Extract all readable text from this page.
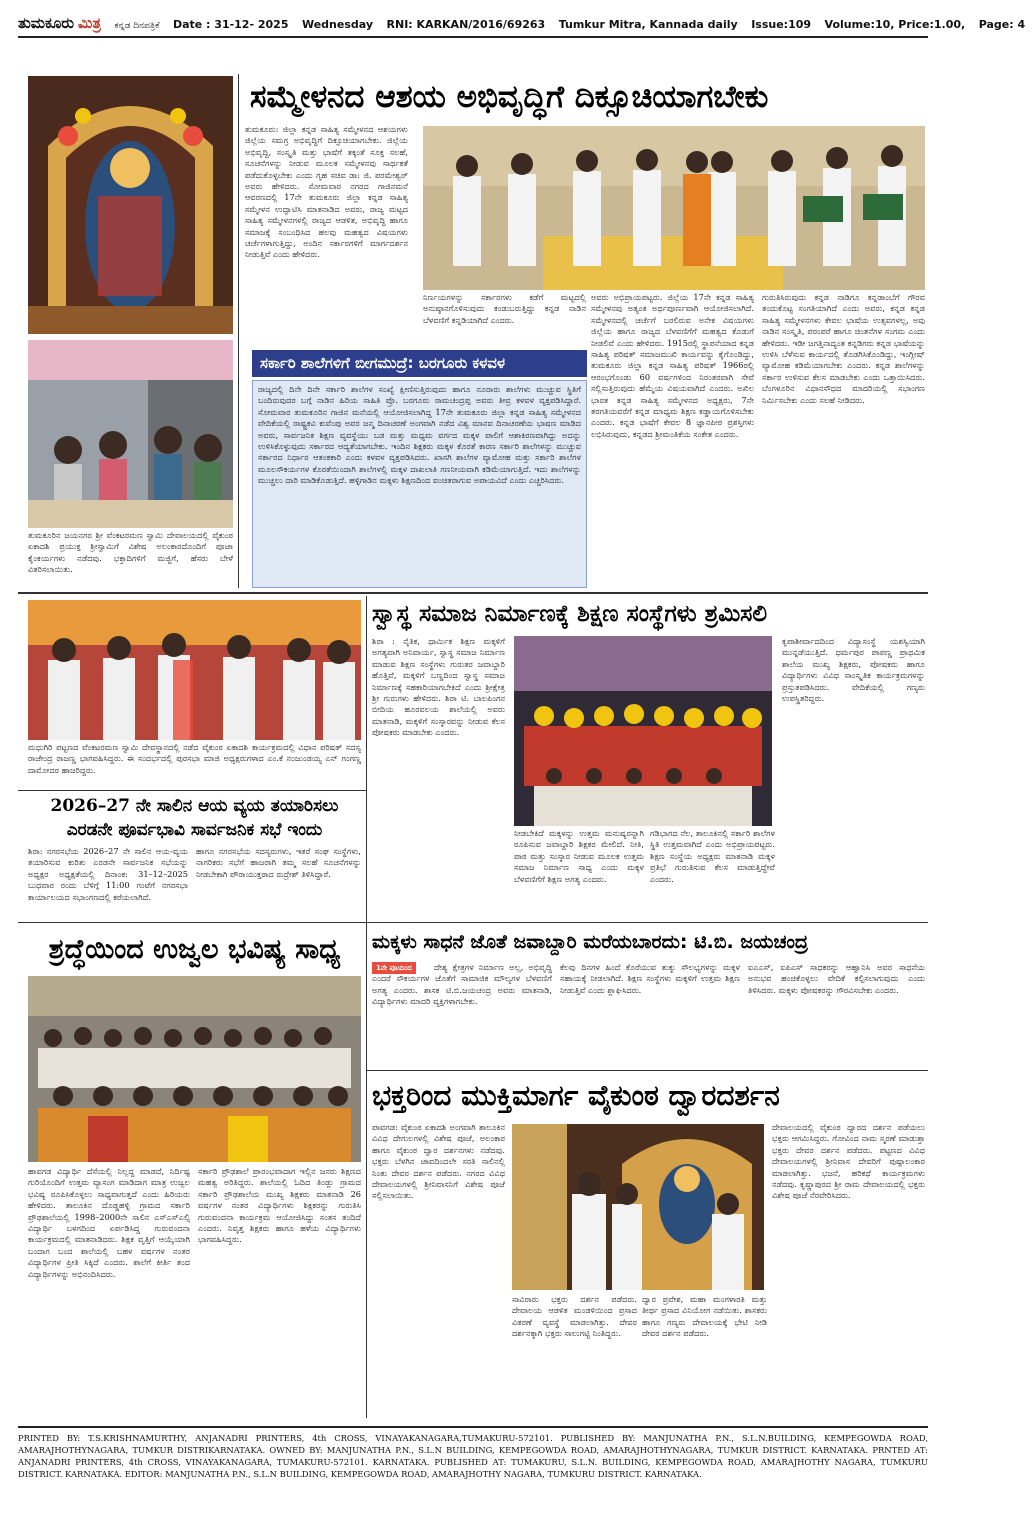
ತುಮಕೂರು ಮಿತ್ರ ಕನ್ನಡ ದಿನಪತ್ರಿಕೆ Date : 31-12- 2025 Wednesday RNI: KARKAN/2016/69263 Tumkur Mitra, Kannada daily Issue:109 Volume:10, Price:1.00, Page: 4
ತುಮಕೂರಿನ ಜಯನಗರ ಶ್ರೀ ವೆಂಕಟರಮಣ ಸ್ವಾಮಿ ದೇವಾಲಯದಲ್ಲಿ ವೈಕುಂಠ ಏಕಾದಶಿ ಪ್ರಯುಕ್ತ ಶ್ರೀಸ್ವಾಮಿಗೆ ವಿಶೇಷ ಅಲಂಕಾರದೊಂದಿಗೆ ಪೂಜಾ ಕೈಂಕರ್ಯಗಳು ನಡೆದವು. ಭಕ್ತಾದಿಗಳಿಗೆ ಮಜ್ಜಿಗೆ, ಹೆಸರು ಬೇಳೆ ವಿತರಿಸಲಾಯಿತು.
ಸಮ್ಮೇಳನದ ಆಶಯ ಅಭಿವೃದ್ಧಿಗೆ ದಿಕ್ಸೂಚಿಯಾಗಬೇಕು
ತುಮಕೂರು: ಜಿಲ್ಲಾ ಕನ್ನಡ ಸಾಹಿತ್ಯ ಸಮ್ಮೇಳನದ ಆಶಯಗಳು ಜಿಲ್ಲೆಯ ಸಮಗ್ರ ಅಭಿವೃದ್ಧಿಗೆ ದಿಕ್ಸೂಚಿಯಾಗಬೇಕು. ಜಿಲ್ಲೆಯ ಅಭಿವೃದ್ಧಿ, ಸಂಸ್ಕೃತಿ ಮತ್ತು ಭಾಷೆಗೆ ತಕ್ಕಂತೆ ಸೂಕ್ತ ಸಲಹೆ, ಸೂಚನೆಗಳನ್ನು ನೀಡುವ ಮೂಲಕ ಸಮ್ಮೇಳನವು ಸಾರ್ಥಕತೆ ಪಡೆದುಕೊಳ್ಳಬೇಕು ಎಂದು ಗೃಹ ಸಚಿವ ಡಾ: ಜಿ. ಪರಮೇಶ್ವರ್ ಅವರು ಹೇಳಿದರು. ಸೋಮವಾರ ನಗರದ ಗಾಜಿನಮನೆ ಆವರಣದಲ್ಲಿ 17ನೇ ತುಮಕೂರು ಜಿಲ್ಲಾ ಕನ್ನಡ ಸಾಹಿತ್ಯ ಸಮ್ಮೇಳನ ಉದ್ಘಾಟಿಸಿ ಮಾತನಾಡಿದ ಅವರು, ರಾಜ್ಯ ಮಟ್ಟದ ಸಾಹಿತ್ಯ ಸಮ್ಮೇಳನಗಳಲ್ಲಿ ರಾಜ್ಯದ ಆಡಳಿತ, ಅಭಿವೃದ್ಧಿ ಹಾಗೂ ಸಮಾಜಕ್ಕೆ ಸಂಬಂಧಿಸಿದ ಹಲವು ಮಹತ್ವದ ವಿಷಯಗಳು ಚರ್ಚೆಗಳಾಗುತ್ತಿದ್ದು, ಅಂದಿನ ಸರ್ಕಾರಗಳಿಗೆ ಮಾರ್ಗದರ್ಶನ ನೀಡುತ್ತಿವೆ ಎಂದು ಹೇಳಿದರು.
ನಿರ್ಣಯಗಳನ್ನು ಸರ್ಕಾರಗಳು ಕಡೆಗೆ ಮಟ್ಟದಲ್ಲಿ ಅನುಷ್ಠಾನಗೊಳಿಸುವುದು ಕಂಡುಬರುತ್ತಿದ್ದು ಕನ್ನಡ ನಾಡಿನ ಬೆಳವಣಿಗೆ ಕನ್ನಡಿಯಾಗಿದೆ ಎಂದರು.
ಅವರು ಅಭಿಪ್ರಾಯಪಟ್ಟರು. ಜಿಲ್ಲೆಯ 17ನೇ ಕನ್ನಡ ಸಾಹಿತ್ಯ ಸಮ್ಮೇಳನವು ಅತ್ಯಂತ ಅರ್ಥಪೂರ್ಣವಾಗಿ ಆಯೋಜಿಸಲಾಗಿದೆ. ಸಮ್ಮೇಳನದಲ್ಲಿ ಚರ್ಚೆಗೆ ಬರಲಿರುವ ಅನೇಕ ವಿಷಯಗಳು ಜಿಲ್ಲೆಯ ಹಾಗೂ ರಾಜ್ಯದ ಬೆಳವಣಿಗೆಗೆ ಮಹತ್ವದ ಕೊಡುಗೆ ನೀಡಲಿವೆ ಎಂದು ಹೇಳಿದರು. 1915ರಲ್ಲಿ ಸ್ಥಾಪನೆಯಾದ ಕನ್ನಡ ಸಾಹಿತ್ಯ ಪರಿಷತ್ ಸಮಾಜಮುಖಿ ಕಾರ್ಯವನ್ನು ಕೈಗೊಂಡಿದ್ದು, ತುಮಕೂರು ಜಿಲ್ಲಾ ಕನ್ನಡ ಸಾಹಿತ್ಯ ಪರಿಷತ್ 1966ರಲ್ಲಿ ಆರಂಭಗೊಂಡು 60 ವರ್ಷಗಳಿಂದ ನಿರಂತರವಾಗಿ ಸೇವೆ ಸಲ್ಲಿಸುತ್ತಿರುವುದು ಹೆಮ್ಮೆಯ ವಿಷಯವಾಗಿದೆ ಎಂದರು. ಅಖಿಲ ಭಾರತ ಕನ್ನಡ ಸಾಹಿತ್ಯ ಸಮ್ಮೇಳನದ ಅಧ್ಯಕ್ಷರು, 7ನೇ ತರಗತಿಯವರೆಗೆ ಕನ್ನಡ ಮಾಧ್ಯಮ ಶಿಕ್ಷಣ ಕಡ್ಡಾಯಗೊಳಿಸಬೇಕು ಎಂದರು. ಕನ್ನಡ ಭಾಷೆಗೆ ಕೇವಲ 8 ಜ್ಞಾನಪೀಠ ಪ್ರಶಸ್ತಿಗಳು ಲಭಿಸಿರುವುದು, ಕನ್ನಡದ ಶ್ರೀಮಂತಿಕೆಯ ಸಂಕೇತ ಎಂದರು.
ಗುರುತಿಸಿರುವುದು ಕನ್ನಡ ನಾಡಿಗೂ ಕನ್ನಡಾಂಬೆಗೆ ಗೌರವ ತಂದುಕೊಟ್ಟ ಸಂಗತಿಯಾಗಿದೆ ಎಂದು ಅವರು, ಕನ್ನಡ ಕನ್ನಡ ಸಾಹಿತ್ಯ ಸಮ್ಮೇಳನಗಳು ಕೇವಲ ಭಾಷೆಯ ಉತ್ಸವಗಳಲ್ಲ, ಅವು ನಾಡಿನ ಸಂಸ್ಕೃತಿ, ಪರಂಪರೆ ಹಾಗೂ ಚಿಂತನೆಗಳ ಸಂಗಮ ಎಂದು ಹೇಳಿದರು. ಇಡೀ ಜಗತ್ತಿನಾದ್ಯಂತ ಕನ್ನಡಿಗರು ಕನ್ನಡ ಭಾಷೆಯನ್ನು ಉಳಿಸಿ ಬೆಳೆಸುವ ಕಾರ್ಯದಲ್ಲಿ ತೊಡಗಿಸಿಕೊಂಡಿದ್ದು, ಇಂಗ್ಲೀಷ್ ವ್ಯಾಮೋಹ ಕಡಿಮೆಯಾಗಬೇಕು ಎಂದರು. ಕನ್ನಡ ಶಾಲೆಗಳನ್ನು ಸರ್ಕಾರ ಉಳಿಸುವ ಕೆಲಸ ಮಾಡಬೇಕು ಎಂದು ಒತ್ತಾಯಿಸಿದರು. ಬೆಂಗಳೂರಿನ ವಿಧಾನಸೌಧದ ಮಾದರಿಯಲ್ಲಿ ಸಭಾಂಗಣ ನಿರ್ಮಿಸಬೇಕು ಎಂದು ಸಲಹೆ ನೀಡಿದರು.
ಸರ್ಕಾರಿ ಶಾಲೆಗಳಿಗೆ ಬೀಗಮುದ್ರೆ: ಬರಗೂರು ಕಳವಳ
ರಾಜ್ಯದಲ್ಲಿ ದಿನೇ ದಿನೇ ಸರ್ಕಾರಿ ಶಾಲೆಗಳ ಸಂಖ್ಯೆ ಕ್ಷೀಣಿಸುತ್ತಿರುವುದು ಹಾಗೂ ನೂರಾರು ಶಾಲೆಗಳು ಮುಚ್ಚುವ ಸ್ಥಿತಿಗೆ ಬಂದಿರುವುದರ ಬಗ್ಗೆ ನಾಡಿನ ಹಿರಿಯ ಸಾಹಿತಿ ಪ್ರೊ. ಬರಗೂರು ರಾಮಚಂದ್ರಪ್ಪ ಅವರು ತೀವ್ರ ಕಳವಳ ವ್ಯಕ್ತಪಡಿಸಿದ್ದಾರೆ. ಸೋಮವಾರ ತುಮಕೂರಿನ ಗಾಜಿನ ಮನೆಯಲ್ಲಿ ಆಯೋಜಿಸಲಾಗಿದ್ದ 17ನೇ ತುಮಕೂರು ಜಿಲ್ಲಾ ಕನ್ನಡ ಸಾಹಿತ್ಯ ಸಮ್ಮೇಳನದ ವೇದಿಕೆಯಲ್ಲಿ ರಾಷ್ಟ್ರಕವಿ ಕುವೆಂಪು ಅವರ ಜನ್ಮ ದಿನಾಚರಣೆ ಅಂಗವಾಗಿ ನಡೆದ ವಿಶ್ವ ಮಾನವ ದಿನಾಚರಣೆಯ ಭಾಷಣ ಮಾಡಿದ ಅವರು, ಸಾರ್ವಜನಿಕ ಶಿಕ್ಷಣ ವ್ಯವಸ್ಥೆಯು ಬಡ ಮತ್ತು ಮಧ್ಯಮ ವರ್ಗದ ಮಕ್ಕಳ ಪಾಲಿಗೆ ಆಶಾಕಿರಣವಾಗಿದ್ದು ಅದನ್ನು ಉಳಿಸಿಕೊಳ್ಳುವುದು ಸರ್ಕಾರದ ಆದ್ಯತೆಯಾಗಬೇಕು. ಇಂದಿನ ಶಿಕ್ಷಕರು ಮಕ್ಕಳ ಕೊರತೆ ಕಾರಣ ಸರ್ಕಾರಿ ಶಾಲೆಗಳನ್ನು ಮುಚ್ಚುವ ಸರ್ಕಾರದ ನಿರ್ಧಾರ ಆತಂಕಕಾರಿ ಎಂದು ಕಳವಳ ವ್ಯಕ್ತಪಡಿಸಿದರು. ಖಾಸಗಿ ಶಾಲೆಗಳ ವ್ಯಾಮೋಹ ಮತ್ತು ಸರ್ಕಾರಿ ಶಾಲೆಗಳ ಮೂಲಸೌಕರ್ಯಗಳ ಕೊರತೆಯಿಂದಾಗಿ ಶಾಲೆಗಳಲ್ಲಿ ಮಕ್ಕಳ ದಾಖಲಾತಿ ಗಣನೀಯವಾಗಿ ಕಡಿಮೆಯಾಗುತ್ತಿದೆ. ಇದು ಶಾಲೆಗಳನ್ನು ಮುಚ್ಚಲು ದಾರಿ ಮಾಡಿಕೊಡುತ್ತಿದೆ. ಹಳ್ಳಿಗಾಡಿನ ಮಕ್ಕಳು ಶಿಕ್ಷಣದಿಂದ ವಂಚಿತರಾಗುವ ಅಪಾಯವಿದೆ ಎಂದು ಎಚ್ಚರಿಸಿದರು.
ಮಧುಗಿರಿ ಪಟ್ಟಣದ ವೆಂಕಟರಮಣ ಸ್ವಾಮಿ ದೇವಸ್ಥಾನದಲ್ಲಿ ನಡೆದ ವೈಕುಂಠ ಏಕಾದಶಿ ಕಾರ್ಯಕ್ರಮದಲ್ಲಿ ವಿಧಾನ ಪರಿಷತ್ ಸದಸ್ಯ ರಾಜೇಂದ್ರ ರಾಜಣ್ಣ ಭಾಗವಹಿಸಿದ್ದರು. ಈ ಸಂದರ್ಭದಲ್ಲಿ ಪುರಸಭಾ ಮಾಜಿ ಅಧ್ಯಕ್ಷರುಗಳಾದ ಎಂ.ಕೆ ನಂಜುಂಡಯ್ಯ ಎನ್ ಗಂಗಣ್ಣ ದಾಮೋದರ ಹಾಜರಿದ್ದರು.
ಸ್ವಾಸ್ಥ ಸಮಾಜ ನಿರ್ಮಾಣಕ್ಕೆ ಶಿಕ್ಷಣ ಸಂಸ್ಥೆಗಳು ಶ್ರಮಿಸಲಿ
ಶಿರಾ : ನೈತಿಕ, ಧಾರ್ಮಿಕ ಶಿಕ್ಷಣ ಮಕ್ಕಳಿಗೆ ಅಗತ್ಯವಾಗಿ ಅನಿವಾರ್ಯ, ಸ್ವಾಸ್ಥ ಸಮಾಜ ನಿರ್ಮಾಣ ಮಾಡುವ ಶಿಕ್ಷಣ ಸಂಸ್ಥೆಗಳು ಗುರುತರ ಜವಾಬ್ದಾರಿ ಹೊತ್ತಿವೆ, ಮಕ್ಕಳಿಗೆ ಬಣ್ಣದಿಂದ ಸ್ವಾಸ್ಥ ಸಮಾಜ ನಿರ್ಮಾಣಕ್ಕೆ ಸಹಕಾರಿಯಾಗಬೇಕಿದೆ ಎಂದು ಶ್ರೀಕ್ಷೇತ್ರ ಶ್ರೀ ಗುರುಗಳು ಹೇಳಿದರು. ಶಿರಾ ಟಿ. ಬಾಲಪಿಂಗನ ಬೀದಿಯ ಹೂರವಲಯ ಶಾಲೆಯಲ್ಲಿ ಅವರು ಮಾತನಾಡಿ, ಮಕ್ಕಳಿಗೆ ಸಂಸ್ಕಾರವನ್ನು ನೀಡುವ ಕೆಲಸ ಪೋಷಕರು ಮಾಡಬೇಕು ಎಂದರು.
ನೀಡಬೇಕಿದೆ ಮಕ್ಕಳನ್ನು ಉತ್ತಮ ಮನುಷ್ಯರನ್ನಾಗಿ ರೂಪಿಸುವ ಜವಾಬ್ದಾರಿ ಶಿಕ್ಷಕರ ಮೇಲಿದೆ. ನೀತಿ, ಪಾಠ ಮತ್ತು ಸಂಸ್ಕಾರ ನೀಡುವ ಮೂಲಕ ಉತ್ತಮ ಸಮಾಜ ನಿರ್ಮಾಣ ಸಾಧ್ಯ ಎಂದು ಮಕ್ಕಳ ಬೆಳವಣಿಗೆಗೆ ಶಿಕ್ಷಣ ಅಗತ್ಯ ಎಂದರು.
ಗಡಿಭಾಗದ ನೆಲ, ತಾಲೂಕಿನಲ್ಲಿ ಸರ್ಕಾರಿ ಶಾಲೆಗಳ ಸ್ಥಿತಿ ಉತ್ತಮವಾಗಿದೆ ಎಂದು ಅಭಿಪ್ರಾಯಪಟ್ಟರು. ಶಿಕ್ಷಣ ಸಂಸ್ಥೆಯ ಅಧ್ಯಕ್ಷರು ಮಾತನಾಡಿ ಮಕ್ಕಳ ಪ್ರತಿಭೆ ಗುರುತಿಸುವ ಕೆಲಸ ಮಾಡುತ್ತಿದ್ದೇವೆ ಎಂದರು.
ಕೃಪಾಶೀರ್ವಾದದಿಂದ ವಿದ್ಯಾಸಂಸ್ಥೆ ಯಶಸ್ವಿಯಾಗಿ ಮುನ್ನಡೆಯುತ್ತಿದೆ. ಧರ್ಮಪುರ ಪಾಪಣ್ಣ ಪ್ರಾಥಮಿಕ ಶಾಲೆಯ ಮುಖ್ಯ ಶಿಕ್ಷಕರು, ಪೋಷಕರು ಹಾಗೂ ವಿದ್ಯಾರ್ಥಿಗಳು ವಿವಿಧ ಸಾಂಸ್ಕೃತಿಕ ಕಾರ್ಯಕ್ರಮಗಳನ್ನು ಪ್ರಸ್ತುತಪಡಿಸಿದರು. ವೇದಿಕೆಯಲ್ಲಿ ಗಣ್ಯರು ಉಪಸ್ಥಿತರಿದ್ದರು.
2026–27 ನೇ ಸಾಲಿನ ಆಯ ವ್ಯಯ ತಯಾರಿಸಲು
ಎರಡನೇ ಪೂರ್ವಭಾವಿ ಸಾರ್ವಜನಿಕ ಸಭೆ ಇಂದು
ಶಿರಾ: ನಗರಸಭೆಯ 2026–27 ನೇ ಸಾಲಿನ ಆಯ-ವ್ಯಯ ತಯಾರಿಸುವ ಕುರಿತು ಎರಡನೇ ಸಾರ್ವಜನಿಕ ಸಭೆಯನ್ನು ಅಧ್ಯಕ್ಷರ ಅಧ್ಯಕ್ಷತೆಯಲ್ಲಿ ದಿನಾಂಕ: 31–12–2025 ಬುಧವಾರ ರಂದು ಬೆಳಿಗ್ಗೆ 11:00 ಗಂಟೆಗೆ ನಗರಸಭಾ ಕಾರ್ಯಾಲಯದ ಸಭಾಂಗಣದಲ್ಲಿ ಕರೆಯಲಾಗಿದೆ.
ಹಾಗೂ ನಗರಸಭೆಯ ಸದಸ್ಯರುಗಳು, ಇತರೆ ಸಂಘ ಸಂಸ್ಥೆಗಳು, ನಾಗರಿಕರು ಸಭೆಗೆ ಹಾಜರಾಗಿ ತಮ್ಮ ಸಲಹೆ ಸೂಚನೆಗಳನ್ನು ನೀಡಬೇಕಾಗಿ ಪೌರಾಯುಕ್ತರಾದ ರುದ್ರೇಶ್ ತಿಳಿಸಿದ್ದಾರೆ.
ಮಕ್ಕಳು ಸಾಧನೆ ಜೊತೆ ಜವಾಬ್ದಾರಿ ಮರೆಯಬಾರದು: ಟಿ.ಬಿ. ಜಯಚಂದ್ರ
1ನೇ ಪುಟದಿಂದ	ದೇಶ್ಯ ಕ್ಷೇತ್ರಗಳ ನಿರ್ಮಾಣ ಅಲ್ಲ, ಅಭಿವೃದ್ಧಿ ಎಂದರೆ ಸೌಕರ್ಯಗಳ ಜೊತೆಗೆ ಸಾಮಾಜಿಕ ಮೌಲ್ಯಗಳ ಬೆಳವಣಿಗೆ ಅಗತ್ಯ ಎಂದರು. ಶಾಸಕ ಟಿ.ಬಿ.ಜಯಚಂದ್ರ ಅವರು ಮಾತನಾಡಿ, ವಿದ್ಯಾರ್ಥಿಗಳು ಮಾದರಿ ವ್ಯಕ್ತಿಗಳಾಗಬೇಕು.
ಕೆಲವು ದಿನಗಳ ಹಿಂದೆ ಕೊರೆಯುವ ತುಕ್ಕು ಸೌಲಭ್ಯಗಳನ್ನು ಮಕ್ಕಳ ಸಹಾಯಕ್ಕೆ ನೀಡಲಾಗಿದೆ. ಶಿಕ್ಷಣ ಸಂಸ್ಥೆಗಳು ಮಕ್ಕಳಿಗೆ ಉತ್ತಮ ಶಿಕ್ಷಣ ನೀಡುತ್ತಿವೆ ಎಂದು ಶ್ಲಾಘಿಸಿದರು.
ಐಎಎಸ್, ಐಪಿಎಸ್ ಸಾಧಕರನ್ನು ಆಹ್ವಾನಿಸಿ ಅವರ ಸಾಧನೆಯ ಅನುಭವ ಹಂಚಿಕೊಳ್ಳಲು ವೇದಿಕೆ ಕಲ್ಪಿಸಲಾಗುವುದು ಎಂದು ತಿಳಿಸಿದರು. ಮಕ್ಕಳು ಪೋಷಕರನ್ನು ಗೌರವಿಸಬೇಕು ಎಂದರು.
ಶ್ರದ್ಧೆಯಿಂದ ಉಜ್ವಲ ಭವಿಷ್ಯ ಸಾಧ್ಯ
ಹಾವಗಡ ವಿದ್ಯಾರ್ಥಿ ದೆಸೆಯಲ್ಲಿ ನಿಲ್ಲದ್ದ ಮಾಡದೆ, ನಿರ್ದಿಷ್ಟ ಗುರಿಯೊಂದಿಗೆ ಉತ್ತಮ ವ್ಯಾಸಂಗ ಮಾಡಿದಾಗ ಮಾತ್ರ ಉಜ್ವಲ ಭವಿಷ್ಯ ರೂಪಿಸಿಕೊಳ್ಳಲು ಸಾಧ್ಯವಾಗುತ್ತದೆ ಎಂದು ಹಿರಿಯರು ಹೇಳಿದರು. ತಾಲೂಕಿನ ದೊಡ್ಡಹಳ್ಳಿ ಗ್ರಾಮದ ಸರ್ಕಾರಿ ಪ್ರೌಢಶಾಲೆಯಲ್ಲಿ 1998–2000ನೇ ಸಾಲಿನ ಎಸ್ಎಸ್ಎಲ್ಸಿ ವಿದ್ಯಾರ್ಥಿ ಬಳಗದಿಂದ ಏರ್ಪಡಿಸಿದ್ದ ಗುರುವಂದನಾ ಕಾರ್ಯಕ್ರಮದಲ್ಲಿ ಮಾತನಾಡಿದರು. ಶಿಕ್ಷಕ ವೃತ್ತಿಗೆ ಆಯ್ಕೆಯಾಗಿ ಬಂದಾಗ ಬಂದ ಶಾಲೆಯಲ್ಲಿ ಬಹಳ ವರ್ಷಗಳ ನಂತರ ವಿದ್ಯಾರ್ಥಿಗಳ ಪ್ರೀತಿ ಸಿಕ್ಕಿದೆ ಎಂದರು. ಶಾಲೆಗೆ ಕೀರ್ತಿ ತಂದ ವಿದ್ಯಾರ್ಥಿಗಳನ್ನು ಅಭಿನಂದಿಸಿದರು.
ಸರ್ಕಾರಿ ಪ್ರೌಢಶಾಲೆ ಪ್ರಾರಂಭವಾದಾಗ ಇಲ್ಲಿನ ಜನರು ಶಿಕ್ಷಣದ ಮಹತ್ವ ಅರಿತಿದ್ದರು. ಶಾಲೆಯಲ್ಲಿ ಓದಿದ ತಿಂಡ್ಲು ಗ್ರಾಮದ ಸರ್ಕಾರಿ ಪ್ರೌಢಶಾಲೆಯ ಮುಖ್ಯ ಶಿಕ್ಷಕರು ಮಾತನಾಡಿ 26 ವರ್ಷಗಳ ನಂತರ ವಿದ್ಯಾರ್ಥಿಗಳು ಶಿಕ್ಷಕರನ್ನು ಗುರುತಿಸಿ ಗುರುವಂದನಾ ಕಾರ್ಯಕ್ರಮ ಆಯೋಜಿಸಿದ್ದು ಸಂತಸ ತಂದಿದೆ ಎಂದರು. ನಿವೃತ್ತ ಶಿಕ್ಷಕರು ಹಾಗೂ ಹಳೆಯ ವಿದ್ಯಾರ್ಥಿಗಳು ಭಾಗವಹಿಸಿದ್ದರು.
ಭಕ್ತರಿಂದ ಮುಕ್ತಿಮಾರ್ಗ ವೈಕುಂಠ ದ್ವಾರದರ್ಶನ
ಪಾವಗಡ: ವೈಕುಂಠ ಏಕಾದಶಿ ಅಂಗವಾಗಿ ತಾಲೂಕಿನ ವಿವಿಧ ದೇಗುಲಗಳಲ್ಲಿ ವಿಶೇಷ ಪೂಜೆ, ಅಲಂಕಾರ ಹಾಗೂ ವೈಕುಂಠ ದ್ವಾರ ದರ್ಶನಗಳು ನಡೆದವು. ಭಕ್ತರು ಬೆಳಗಿನ ಜಾವದಿಂದಲೇ ಸರತಿ ಸಾಲಿನಲ್ಲಿ ನಿಂತು ದೇವರ ದರ್ಶನ ಪಡೆದರು. ನಗರದ ವಿವಿಧ ದೇವಾಲಯಗಳಲ್ಲಿ ಶ್ರೀನಿವಾಸನಿಗೆ ವಿಶೇಷ ಪೂಜೆ ಸಲ್ಲಿಸಲಾಯಿತು.
ಸಾವಿರಾರು ಭಕ್ತರು ದರ್ಶನ ಪಡೆದರು. ದೇವಾಲಯ ಆಡಳಿತ ಮಂಡಳಿಯಿಂದ ಪ್ರಸಾದ ವಿತರಣೆ ವ್ಯವಸ್ಥೆ ಮಾಡಲಾಗಿತ್ತು. ದೇವರ ದರ್ಶನಕ್ಕಾಗಿ ಭಕ್ತರು ಸಾಲುಗಟ್ಟಿ ನಿಂತಿದ್ದರು.
ದ್ವಾರ ಪ್ರವೇಶ, ಮಹಾ ಮಂಗಳಾರತಿ ಮತ್ತು ತೀರ್ಥ ಪ್ರಸಾದ ವಿನಿಯೋಗ ನಡೆಯಿತು. ಶಾಸಕರು ಹಾಗೂ ಗಣ್ಯರು ದೇವಾಲಯಕ್ಕೆ ಭೇಟಿ ನೀಡಿ ದೇವರ ದರ್ಶನ ಪಡೆದರು.
ದೇವಾಲಯದಲ್ಲಿ ವೈಕುಂಠ ದ್ವಾರದ ದರ್ಶನ ಪಡೆಯಲು ಭಕ್ತರು ಆಗಮಿಸಿದ್ದರು. ಗೋವಿಂದ ನಾಮ ಸ್ಮರಣೆ ಮಾಡುತ್ತಾ ಭಕ್ತರು ದೇವರ ದರ್ಶನ ಪಡೆದರು. ಪಟ್ಟಣದ ವಿವಿಧ ದೇವಾಲಯಗಳಲ್ಲಿ ಶ್ರೀನಿವಾಸ ದೇವರಿಗೆ ಪುಷ್ಪಾಲಂಕಾರ ಮಾಡಲಾಗಿತ್ತು. ಭಜನೆ, ಹರಿಕಥೆ ಕಾರ್ಯಕ್ರಮಗಳು ನಡೆದವು. ಕೃಷ್ಣಾಪುರದ ಶ್ರೀ ರಾಮ ದೇವಾಲಯದಲ್ಲಿ ಭಕ್ತರು ವಿಶೇಷ ಪೂಜೆ ನೆರವೇರಿಸಿದರು.
PRINTED BY: T.S.KRISHNAMURTHY, ANJANADRI PRINTERS, 4th CROSS, VINAYAKANAGARA,TUMAKURU-572101. PUBLISHED BY: MANJUNATHA P.N., S.L.N.BUILDING, KEMPEGOWDA ROAD, AMARAJHOTHYNAGARA, TUMKUR DISTRIKARNATAKA. OWNED BY: MANJUNATHA P.N., S.L.N BUILDING, KEMPEGOWDA ROAD, AMARAJHOTHYNAGARA, TUMKUR DISTRICT. KARNATAKA. PRNTED AT: ANJANADRI PRINTERS, 4th CROSS, VINAYAKANAGARA, TUMAKURU-572101. KARNATAKA. PUBLISHED AT: TUMAKURU, S.L.N. BUILDING, KEMPEGOWDA ROAD, AMARAJHOTHY NAGARA, TUMKURU DISTRICT. KARNATAKA. EDITOR: MANJUNATHA P.N., S.L.N BUILDING, KEMPEGOWDA ROAD, AMARAJHOTHY NAGARA, TUMKURU DISTRICT. KARNATAKA.
